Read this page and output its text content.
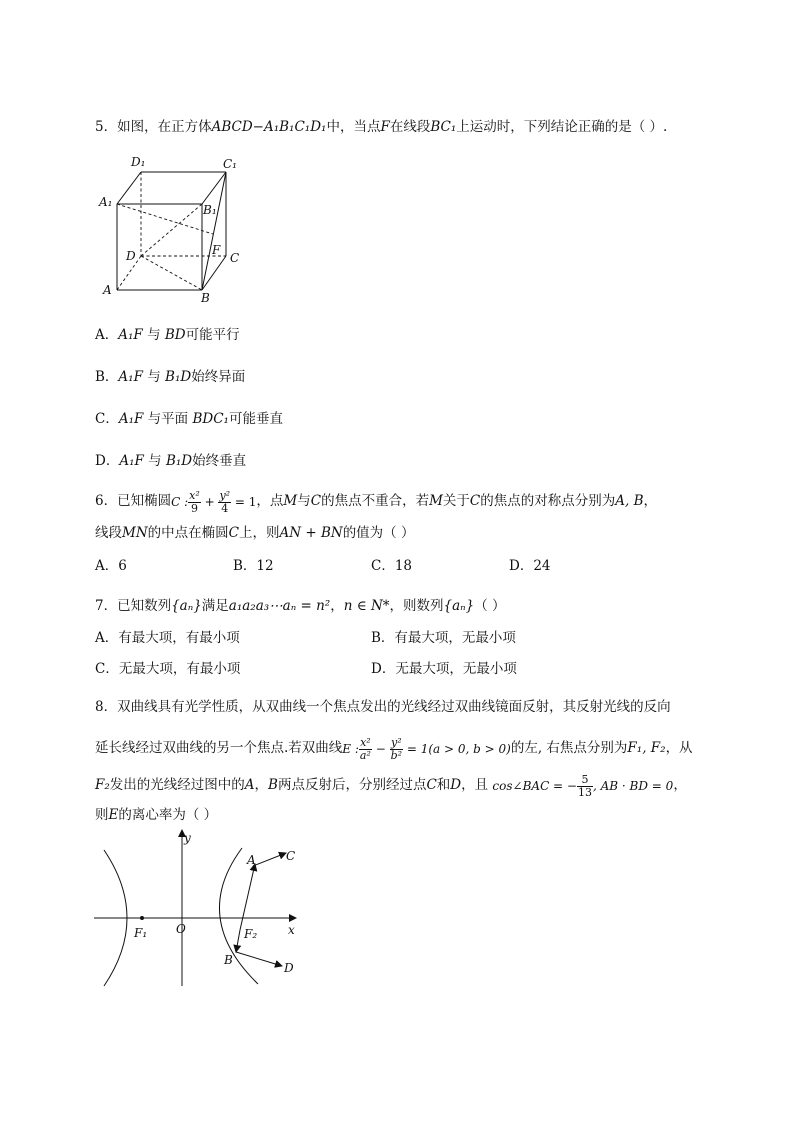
5．如图，在正方体ABCD−A₁B₁C₁D₁中，当点F在线段BC₁上运动时，下列结论正确的是（ ）.
D₁	C₁
A₁
B₁
D	C
F
A
B
A．A₁F 与 BD可能平行
B．A₁F 与 B₁D始终异面
C．A₁F 与平面 BDC₁可能垂直
D．A₁F 与 B₁D始终垂直
6．已知椭圆C : $\frac{\text{x²}}{9} + \frac{\text{y²}}{4} = 1$，点M与C的焦点不重合，若M关于C的焦点的对称点分别为A, B，
线段MN的中点在椭圆C上，则AN + BN的值为（ ）
A．6	B．12	C．18	D．24
7．已知数列{aₙ}满足a₁a₂a₃⋯aₙ = n²，n ∈ N*，则数列{aₙ}（ ）
A．有最大项，有最小项	B．有最大项，无最小项
C．无最大项，有最小项	D．无最大项，无最小项
8．双曲线具有光学性质，从双曲线一个焦点发出的光线经过双曲线镜面反射，其反射光线的反向
延长线经过双曲线的另一个焦点.若双曲线E : $\frac{\text{x²}}{\text{a²}} - \frac{\text{y²}}{\text{b²}} = 1(a > 0$, b > 0)的左, 右焦点分别为F₁, F₂，从
F₂发出的光线经过图中的A，B两点反射后，分别经过点C和D，且 cos∠BAC = − $\frac{5}{13}$ , AB · BD = 0，
则E的离心率为（ ）
y
A	C
F₁ O	F₂	x
B
D
